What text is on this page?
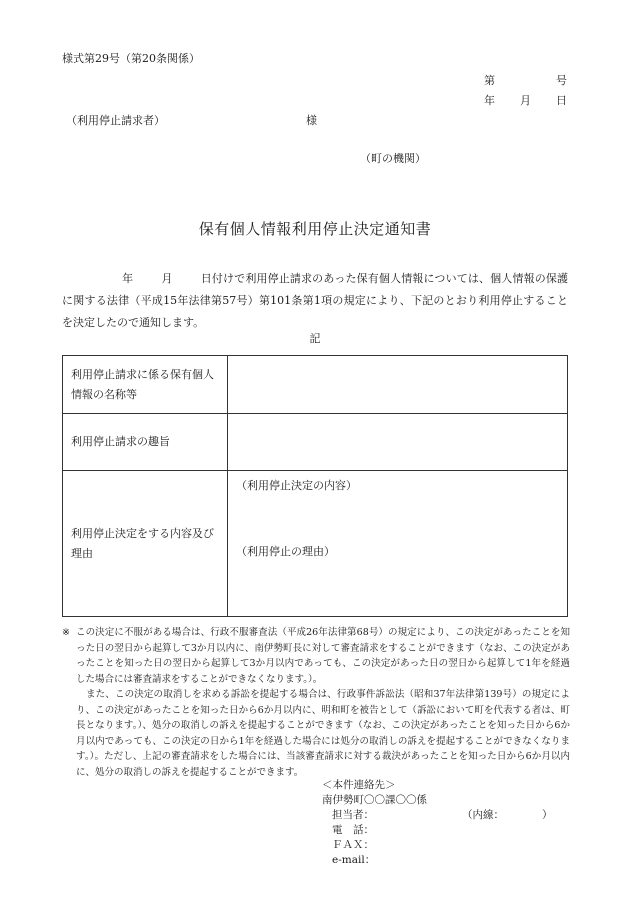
様式第29号（第20条関係）
第	号
年 月 日
（利用停止請求者）	様
（町の機関）
保有個人情報利用停止決定通知書

年	月	日付けで利用停止請求のあった保有個人情報については、個人情報の保護に関する法律（平成15年法律第57号）第101条第1項の規定により、下記のとおり利用停止することを決定したので通知します。

記
利用停止請求に係る保有個人情報の名称等	
利用停止請求の趣旨	
利用停止決定をする内容及び理由	（利用停止決定の内容）
（利用停止の理由）
※ この決定に不服がある場合は、行政不服審査法（平成26年法律第68号）の規定により、この決定があったことを知った日の翌日から起算して3か月以内に、南伊勢町長に対して審査請求をすることができます（なお、この決定があったことを知った日の翌日から起算して3か月以内であっても、この決定があった日の翌日から起算して1年を経過した場合には審査請求をすることができなくなります。）。

また、この決定の取消しを求める訴訟を提起する場合は、行政事件訴訟法（昭和37年法律第139号）の規定により、この決定があったことを知った日から6か月以内に、明和町を被告として（訴訟において町を代表する者は、町長となります。）、処分の取消しの訴えを提起することができます（なお、この決定があったことを知った日から6か月以内であっても、この決定の日から1年を経過した場合には処分の取消しの訴えを提起することができなくなります。）。ただし、上記の審査請求をした場合には、当該審査請求に対する裁決があったことを知った日から6か月以内に、処分の取消しの訴えを提起することができます。

＜本件連絡先＞
南伊勢町〇〇課〇〇係
担当者：	（内線：	）
電　話：
ＦＡＸ：
e-mail：
